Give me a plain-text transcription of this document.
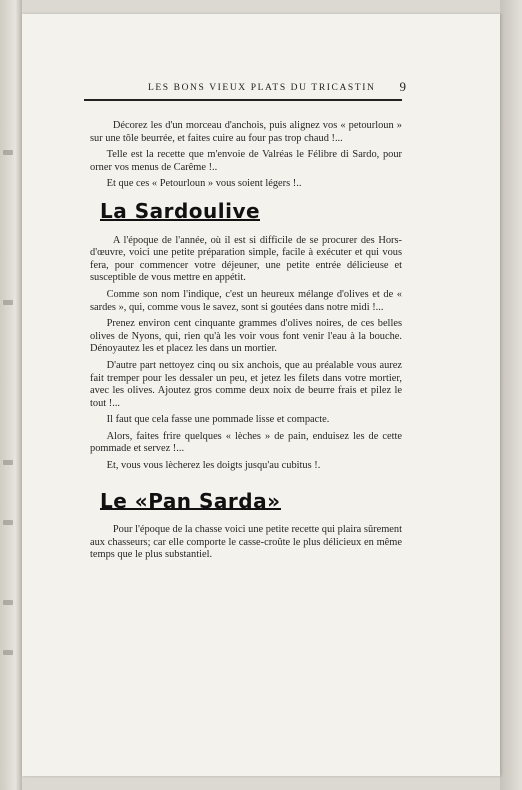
LES BONS VIEUX PLATS DU TRICASTIN 9

Décorez les d'un morceau d'anchois, puis alignez vos « petourloun » sur une tôle beurrée, et faites cuire au four pas trop chaud !...

Telle est la recette que m'envoie de Valréas le Félibre di Sardo, pour orner vos menus de Carême !..

Et que ces « Petourloun » vous soient légers !..

La Sardoulive

A l'époque de l'année, où il est si difficile de se procurer des Hors-d'œuvre, voici une petite préparation simple, facile à exécuter et qui vous fera, pour commencer votre déjeuner, une petite entrée délicieuse et susceptible de vous mettre en appétit.

Comme son nom l'indique, c'est un heureux mélange d'olives et de « sardes », qui, comme vous le savez, sont si goutées dans notre midi !...

Prenez environ cent cinquante grammes d'olives noires, de ces belles olives de Nyons, qui, rien qu'à les voir vous font venir l'eau à la bouche. Dénoyautez les et placez les dans un mortier.

D'autre part nettoyez cinq ou six anchois, que au préalable vous aurez fait tremper pour les dessaler un peu, et jetez les filets dans votre mortier, avec les olives. Ajoutez gros comme deux noix de beurre frais et pilez le tout !...

Il faut que cela fasse une pommade lisse et compacte.

Alors, faites frire quelques « lèches » de pain, enduisez les de cette pommade et servez !...

Et, vous vous lècherez les doigts jusqu'au cubitus !.

Le «Pan Sarda»

Pour l'époque de la chasse voici une petite recette qui plaira sûrement aux chasseurs; car elle comporte le casse-croûte le plus délicieux en même temps que le plus substantiel.
